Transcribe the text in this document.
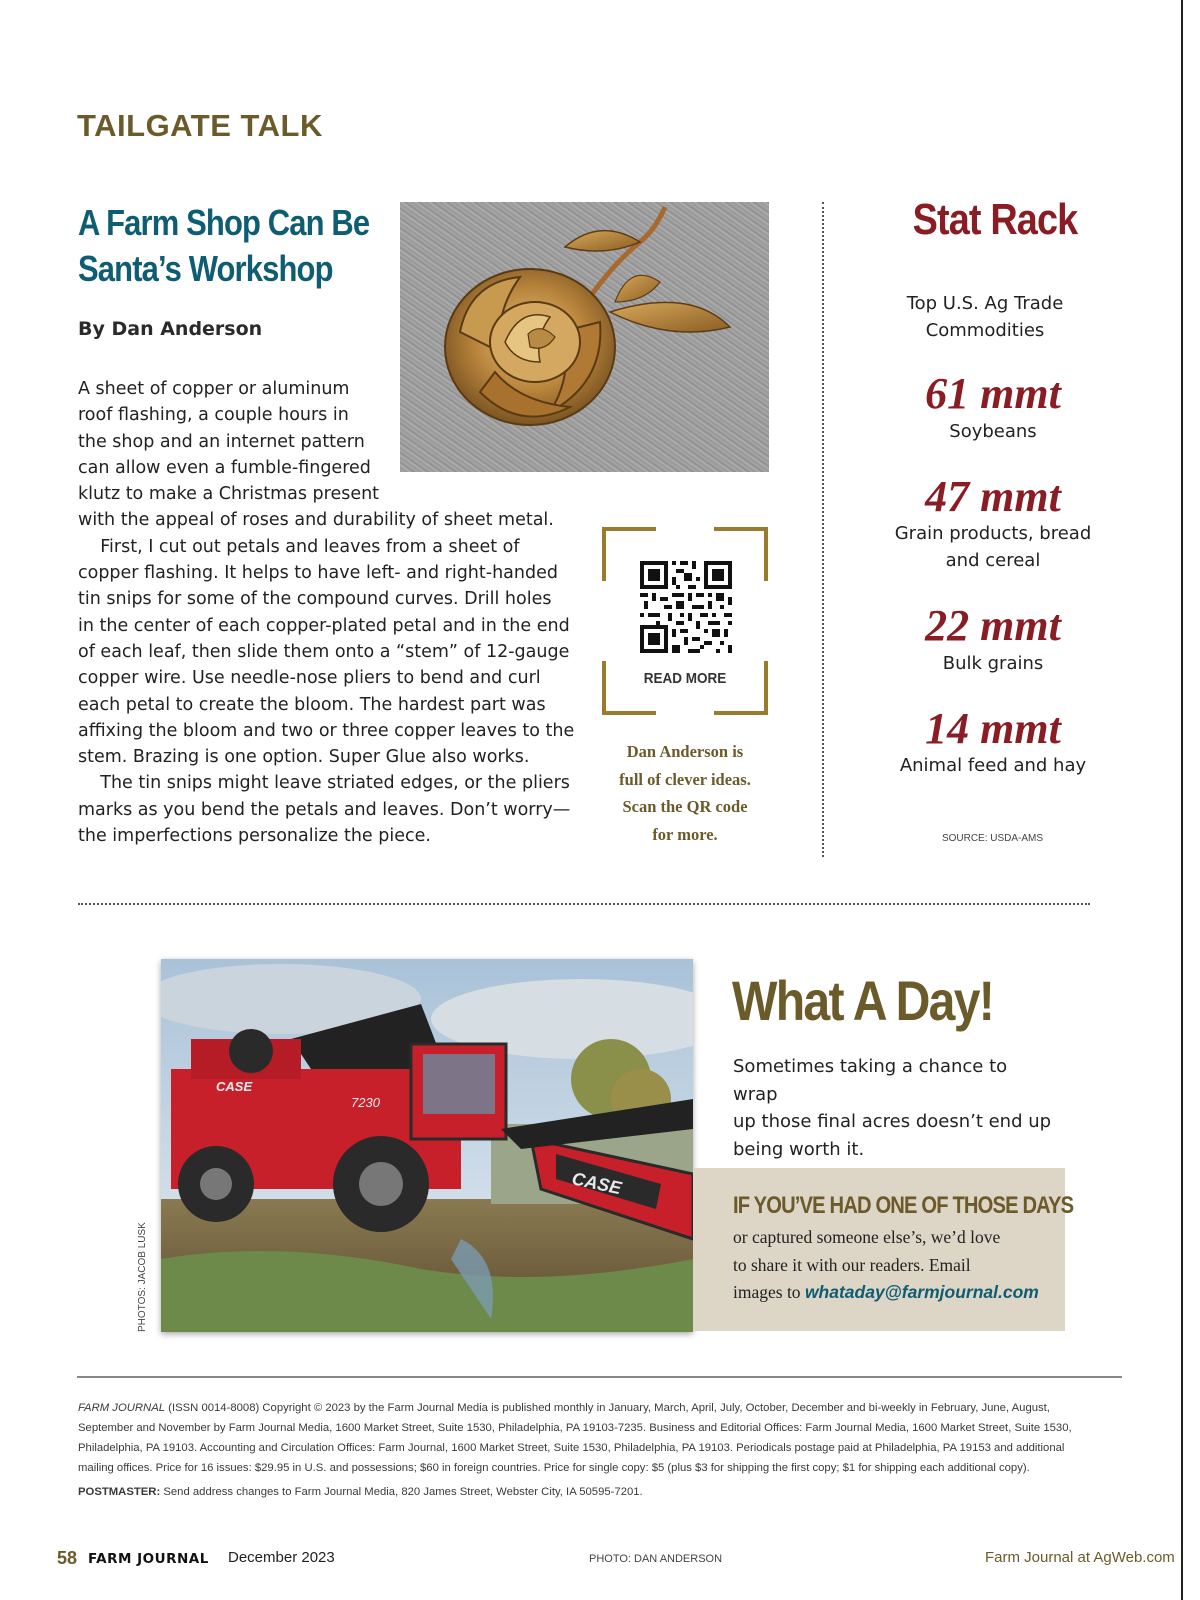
TAILGATE TALK
A Farm Shop Can Be
Santa’s Workshop
By Dan Anderson
A sheet of copper or aluminum
roof flashing, a couple hours in
the shop and an internet pattern
can allow even a fumble-fingered
klutz to make a Christmas present
with the appeal of roses and durability of sheet metal.
First, I cut out petals and leaves from a sheet of
copper flashing. It helps to have left- and right-handed
tin snips for some of the compound curves. Drill holes
in the center of each copper-plated petal and in the end
of each leaf, then slide them onto a “stem” of 12-gauge
copper wire. Use needle-nose pliers to bend and curl
each petal to create the bloom. The hardest part was
affixing the bloom and two or three copper leaves to the
stem. Brazing is one option. Super Glue also works.
The tin snips might leave striated edges, or the pliers
marks as you bend the petals and leaves. Don’t worry—
the imperfections personalize the piece.
READ MORE
Dan Anderson is
full of clever ideas.
Scan the QR code
for more.
Stat Rack
Top U.S. Ag Trade
Commodities
61 mmt
Soybeans
47 mmt
Grain products, bread
and cereal
22 mmt
Bulk grains
14 mmt
Animal feed and hay
SOURCE: USDA-AMS
CASE
7230
CASE
PHOTOS: JACOB LUSK
What A Day!
Sometimes taking a chance to wrap
up those final acres doesn’t end up
being worth it.
IF YOU’VE HAD ONE OF THOSE DAYS
or captured someone else’s, we’d love
to share it with our readers. Email
images to whataday@farmjournal.com
FARM JOURNAL (ISSN 0014-8008) Copyright © 2023 by the Farm Journal Media is published monthly in January, March, April, July, October, December and bi-weekly in February, June, August,
September and November by Farm Journal Media, 1600 Market Street, Suite 1530, Philadelphia, PA 19103-7235. Business and Editorial Offices: Farm Journal Media, 1600 Market Street, Suite 1530,
Philadelphia, PA 19103. Accounting and Circulation Offices: Farm Journal, 1600 Market Street, Suite 1530, Philadelphia, PA 19103. Periodicals postage paid at Philadelphia, PA 19153 and additional
mailing offices. Price for 16 issues: $29.95 in U.S. and possessions; $60 in foreign countries. Price for single copy: $5 (plus $3 for shipping the first copy; $1 for shipping each additional copy).
POSTMASTER: Send address changes to Farm Journal Media, 820 James Street, Webster City, IA 50595-7201.
58 FARM JOURNAL December 2023	PHOTO: DAN ANDERSON	Farm Journal at AgWeb.com
